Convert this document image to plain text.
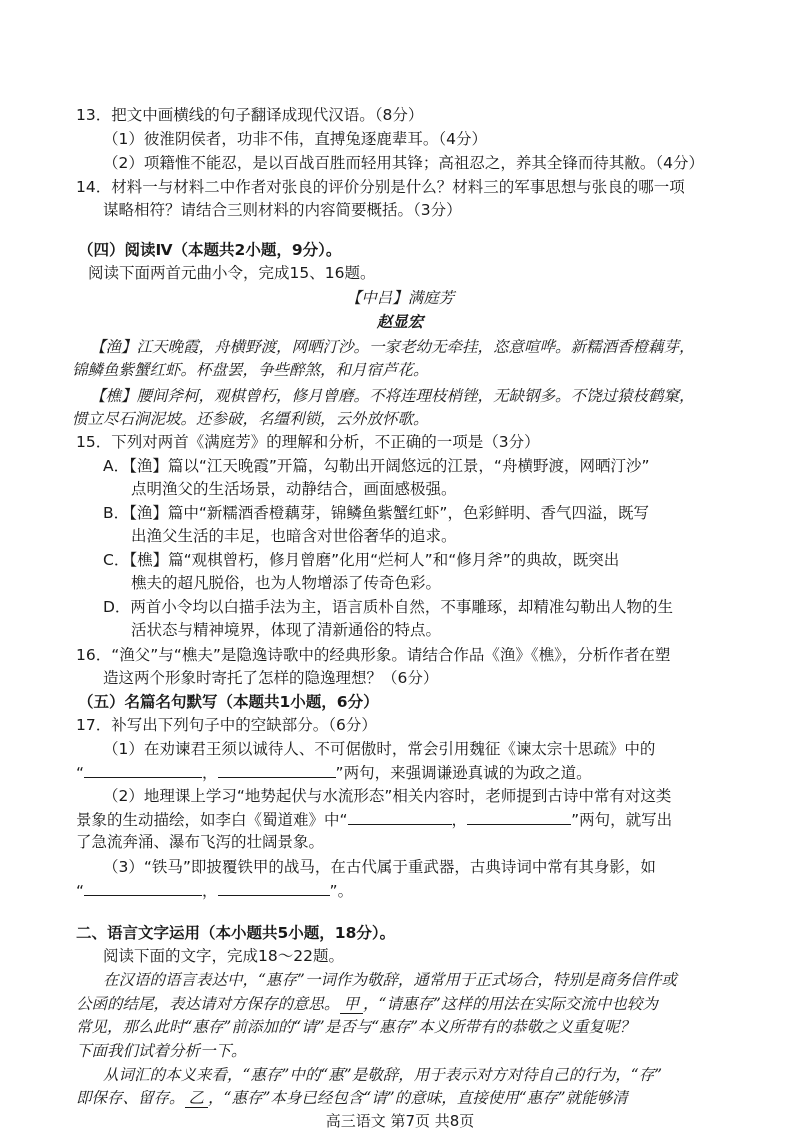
13．把文中画横线的句子翻译成现代汉语。（8分）
（1）彼淮阴侯者，功非不伟，直搏兔逐鹿辈耳。（4分）
（2）项籍惟不能忍，是以百战百胜而轻用其锋；高祖忍之，养其全锋而待其敝。（4分）
14．材料一与材料二中作者对张良的评价分别是什么？材料三的军事思想与张良的哪一项
谋略相符？请结合三则材料的内容简要概括。（3分）
（四）阅读Ⅳ（本题共2小题，9分）。
阅读下面两首元曲小令，完成15、16题。
【中吕】满庭芳
赵显宏
【渔】江天晚霞，舟横野渡，网晒汀沙。一家老幼无牵挂，恣意喧哗。新糯酒香橙藕芽，
锦鳞鱼紫蟹红虾。杯盘罢，争些醉煞，和月宿芦花。
【樵】腰间斧柯，观棋曾朽，修月曾磨。不将连理枝梢锉，无缺钢多。不饶过猿枝鹤窠，
惯立尽石涧泥坡。还参破，名缰利锁，云外放怀歌。
15．下列对两首《满庭芳》的理解和分析，不正确的一项是（3分）
A．【渔】篇以“江天晚霞”开篇，勾勒出开阔悠远的江景，“舟横野渡，网晒汀沙”
点明渔父的生活场景，动静结合，画面感极强。
B．【渔】篇中“新糯酒香橙藕芽，锦鳞鱼紫蟹红虾”，色彩鲜明、香气四溢，既写
出渔父生活的丰足，也暗含对世俗奢华的追求。
C．【樵】篇“观棋曾朽，修月曾磨”化用“烂柯人”和“修月斧”的典故，既突出
樵夫的超凡脱俗，也为人物增添了传奇色彩。
D．两首小令均以白描手法为主，语言质朴自然，不事雕琢，却精准勾勒出人物的生
活状态与精神境界，体现了清新通俗的特点。
16．“渔父”与“樵夫”是隐逸诗歌中的经典形象。请结合作品《渔》《樵》，分析作者在塑
造这两个形象时寄托了怎样的隐逸理想？（6分）
（五）名篇名句默写（本题共1小题，6分）
17．补写出下列句子中的空缺部分。（6分）
（1）在劝谏君王须以诚待人、不可倨傲时，常会引用魏征《谏太宗十思疏》中的
“	，	”两句，来强调谦逊真诚的为政之道。
（2）地理课上学习“地势起伏与水流形态”相关内容时，老师提到古诗中常有对这类
景象的生动描绘，如李白《蜀道难》中“	，	”两句，就写出
了急流奔涌、瀑布飞泻的壮阔景象。
（3）“铁马”即披覆铁甲的战马，在古代属于重武器，古典诗词中常有其身影，如
“	，	”。
二、语言文字运用（本小题共5小题，18分）。
阅读下面的文字，完成18～22题。
在汉语的语言表达中，“惠存”一词作为敬辞，通常用于正式场合，特别是商务信件或
公函的结尾，表达请对方保存的意思。 甲 ，“请惠存”这样的用法在实际交流中也较为
常见，那么此时“惠存”前添加的“请”是否与“惠存”本义所带有的恭敬之义重复呢？
下面我们试着分析一下。
从词汇的本义来看，“惠存”中的“惠”是敬辞，用于表示对方对待自己的行为，“存”
即保存、留存。 乙 ，“惠存”本身已经包含“请”的意味，直接使用“惠存”就能够清
高三语文 第7页 共8页
